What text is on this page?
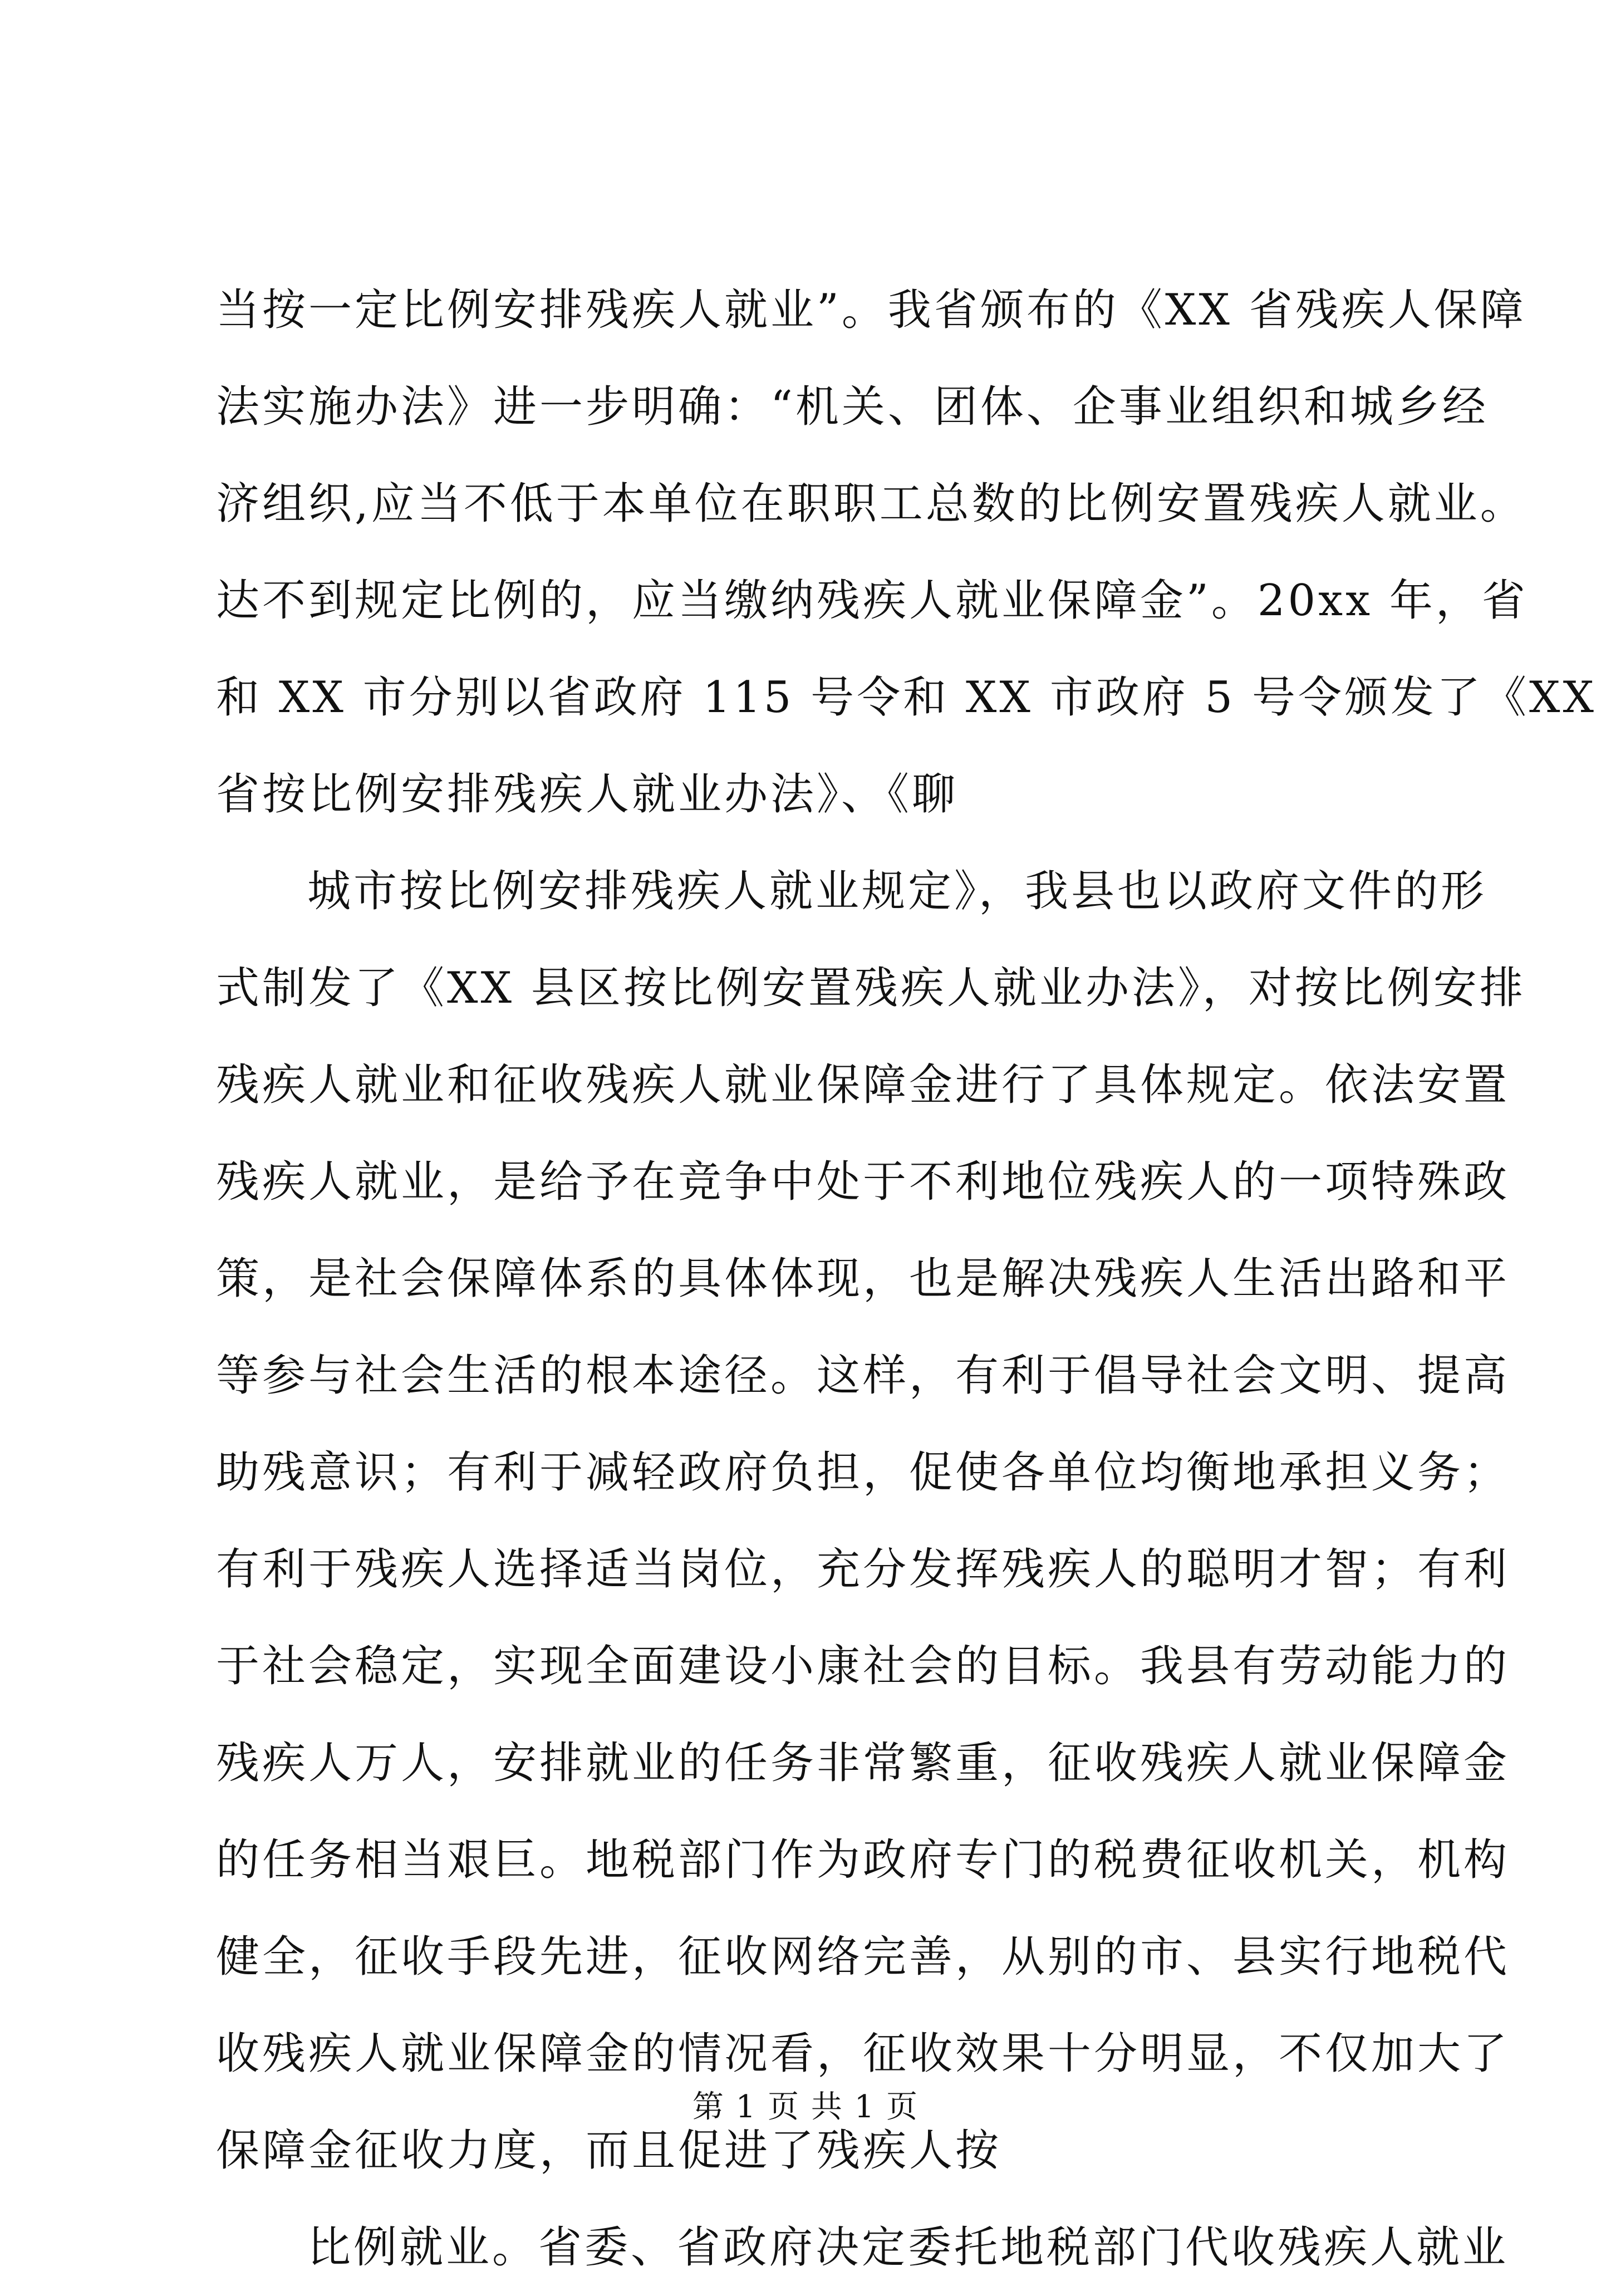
当按一定比例安排残疾人就业”。我省颁布的《XX 省残疾人保障
法实施办法》进一步明确：“机关、团体、企事业组织和城乡经
济组织,应当不低于本单位在职职工总数的比例安置残疾人就业。
达不到规定比例的，应当缴纳残疾人就业保障金”。20xx 年，省
和 XX 市分别以省政府 115 号令和 XX 市政府 5 号令颁发了《XX
省按比例安排残疾人就业办法》、《聊
城市按比例安排残疾人就业规定》，我县也以政府文件的形
式制发了《XX 县区按比例安置残疾人就业办法》，对按比例安排
残疾人就业和征收残疾人就业保障金进行了具体规定。依法安置
残疾人就业，是给予在竞争中处于不利地位残疾人的一项特殊政
策，是社会保障体系的具体体现，也是解决残疾人生活出路和平
等参与社会生活的根本途径。这样，有利于倡导社会文明、提高
助残意识；有利于减轻政府负担，促使各单位均衡地承担义务；
有利于残疾人选择适当岗位，充分发挥残疾人的聪明才智；有利
于社会稳定，实现全面建设小康社会的目标。我县有劳动能力的
残疾人万人，安排就业的任务非常繁重，征收残疾人就业保障金
的任务相当艰巨。地税部门作为政府专门的税费征收机关，机构
健全，征收手段先进，征收网络完善，从别的市、县实行地税代
收残疾人就业保障金的情况看，征收效果十分明显，不仅加大了
保障金征收力度，而且促进了残疾人按
比例就业。省委、省政府决定委托地税部门代收残疾人就业
第 1 页 共 1 页
